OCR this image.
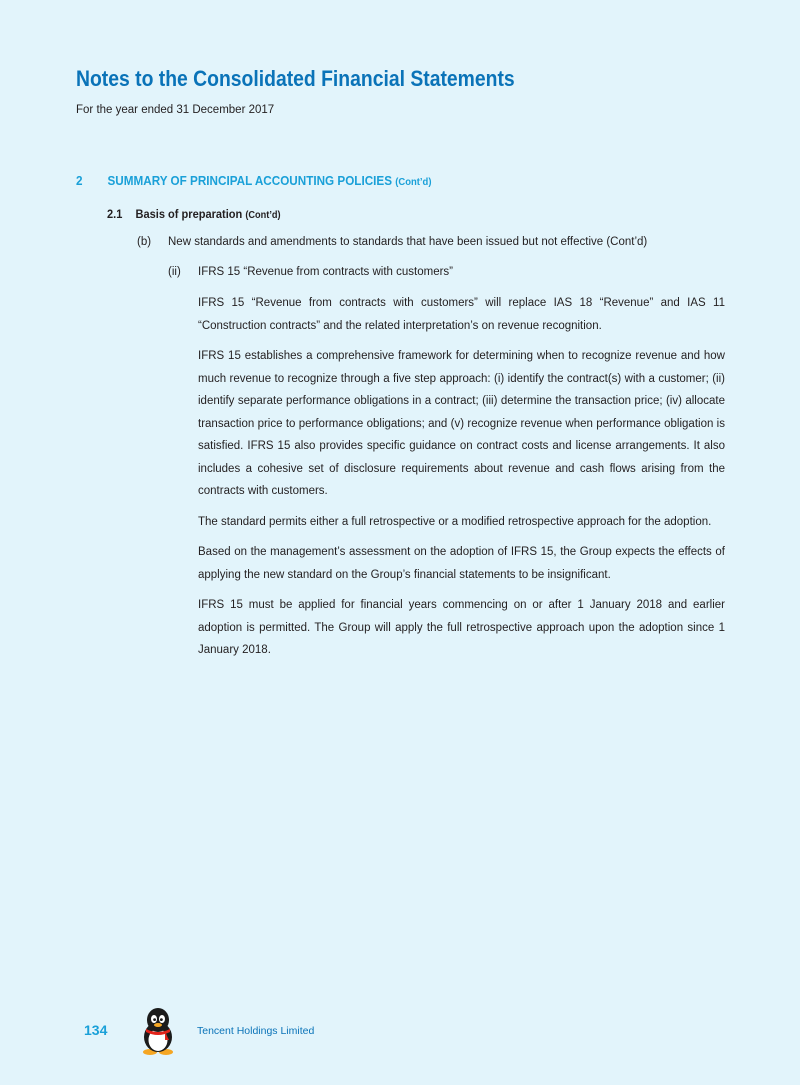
Notes to the Consolidated Financial Statements

For the year ended 31 December 2017

2 SUMMARY OF PRINCIPAL ACCOUNTING POLICIES (Cont’d)
2.1 Basis of preparation (Cont’d)

(b) New standards and amendments to standards that have been issued but not effective (Cont’d)

(ii) IFRS 15 “Revenue from contracts with customers”

IFRS 15 “Revenue from contracts with customers” will replace IAS 18 “Revenue” and IAS 11 “Construction contracts” and the related interpretation’s on revenue recognition.

IFRS 15 establishes a comprehensive framework for determining when to recognize revenue and how much revenue to recognize through a five step approach: (i) identify the contract(s) with a customer; (ii) identify separate performance obligations in a contract; (iii) determine the transaction price; (iv) allocate transaction price to performance obligations; and (v) recognize revenue when performance obligation is satisfied. IFRS 15 also provides specific guidance on contract costs and license arrangements. It also includes a cohesive set of disclosure requirements about revenue and cash flows arising from the contracts with customers.

The standard permits either a full retrospective or a modified retrospective approach for the adoption.

Based on the management’s assessment on the adoption of IFRS 15, the Group expects the effects of applying the new standard on the Group’s financial statements to be insignificant.

IFRS 15 must be applied for financial years commencing on or after 1 January 2018 and earlier adoption is permitted. The Group will apply the full retrospective approach upon the adoption since 1 January 2018.

134	Tencent Holdings Limited
